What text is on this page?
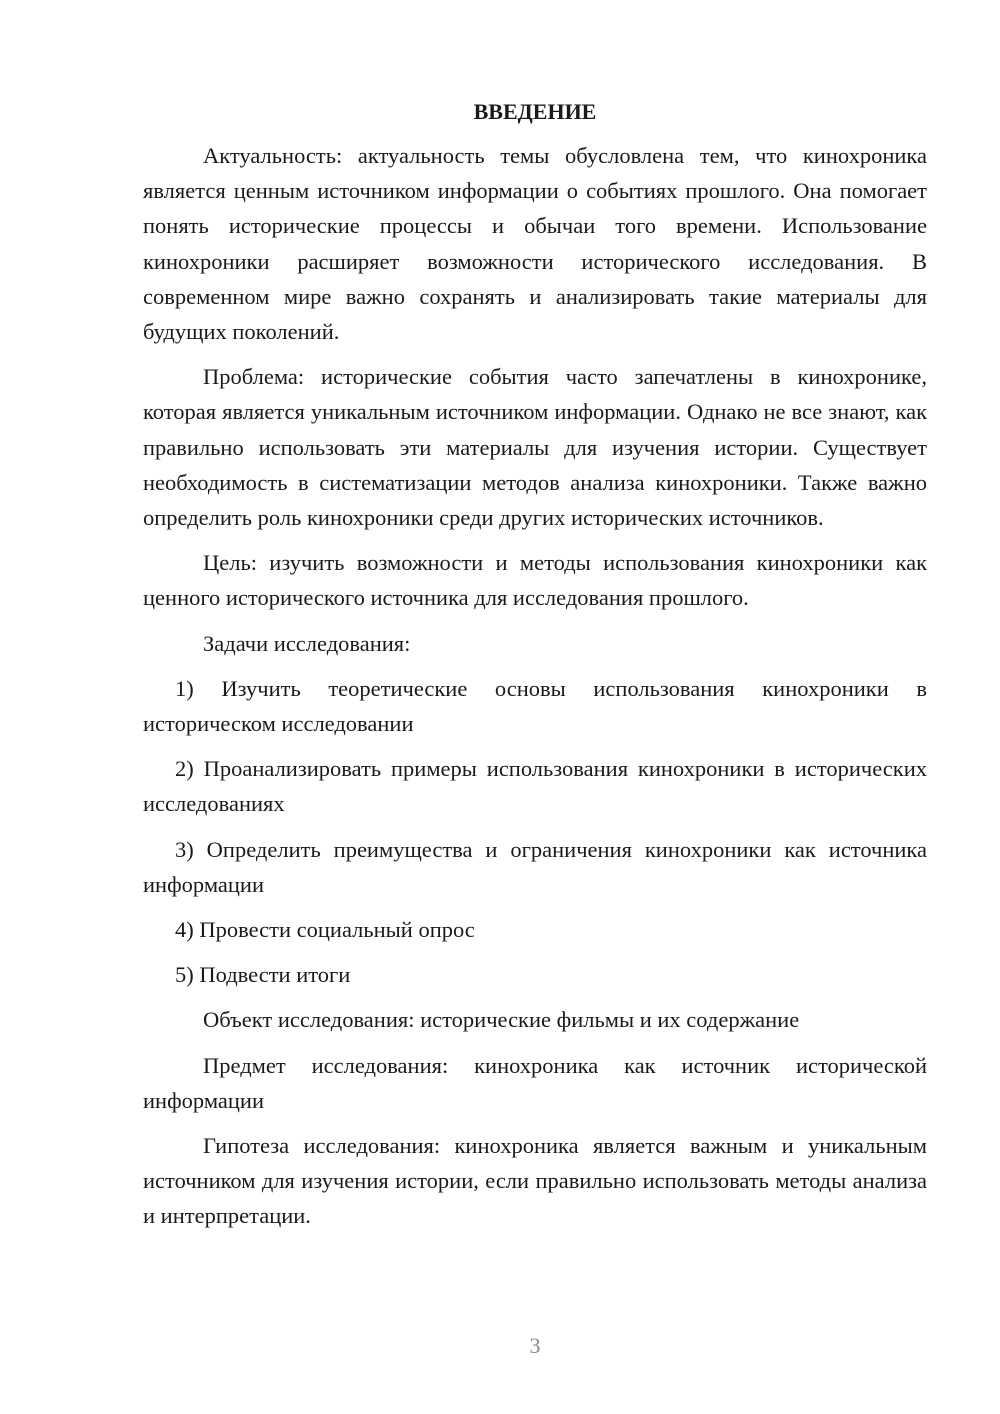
ВВЕДЕНИЕ

Актуальность: актуальность темы обусловлена тем, что кинохроника является ценным источником информации о событиях прошлого. Она помогает понять исторические процессы и обычаи того времени. Использование кинохроники расширяет возможности исторического исследования. В современном мире важно сохранять и анализировать такие материалы для будущих поколений.

Проблема: исторические события часто запечатлены в кинохронике, которая является уникальным источником информации. Однако не все знают, как правильно использовать эти материалы для изучения истории. Существует необходимость в систематизации методов анализа кинохроники. Также важно определить роль кинохроники среди других исторических источников.

Цель: изучить возможности и методы использования кинохроники как ценного исторического источника для исследования прошлого.

Задачи исследования:

1) Изучить теоретические основы использования кинохроники в историческом исследовании

2) Проанализировать примеры использования кинохроники в исторических исследованиях

3) Определить преимущества и ограничения кинохроники как источника информации

4) Провести социальный опрос

5) Подвести итоги

Объект исследования: исторические фильмы и их содержание

Предмет исследования: кинохроника как источник исторической информации

Гипотеза исследования: кинохроника является важным и уникальным источником для изучения истории, если правильно использовать методы анализа и интерпретации.

3
